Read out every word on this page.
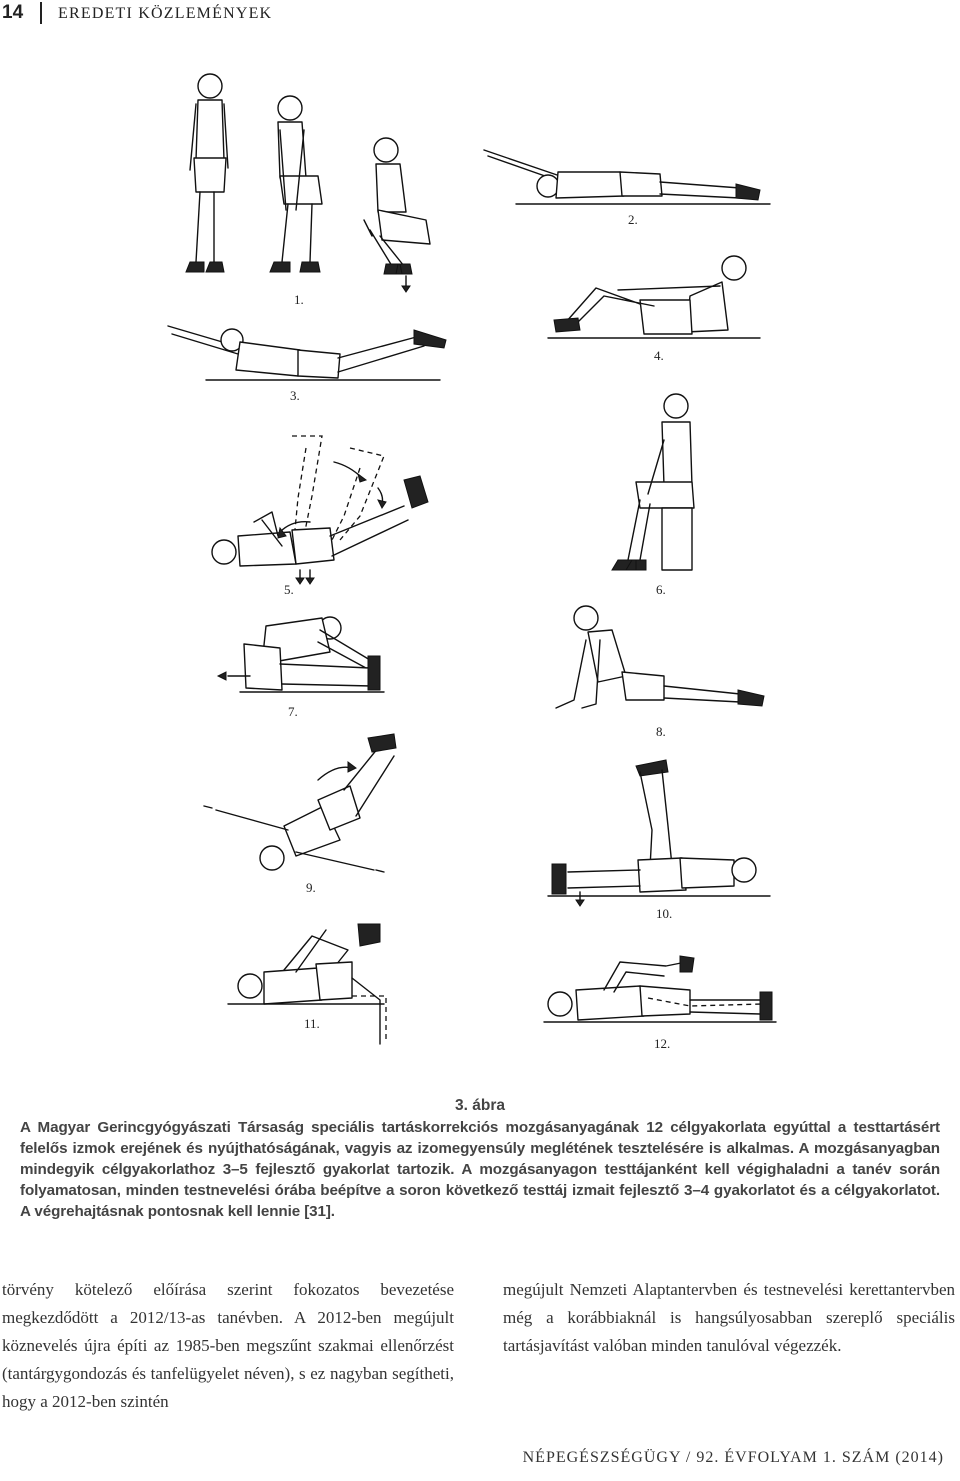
14 EREDETI KÖZLEMÉNYEK
1.
2.
3.
4.
5.	6.
7.
8.
9.
10.
11.
12.
3. ábra
A Magyar Gerincgyógyászati Társaság speciális tartáskorrekciós mozgásanyagának 12 célgyakorlata egyúttal a testtartásért felelős izmok erejének és nyújthatóságának, vagyis az izomegyensúly meglétének tesztelésére is alkalmas. A mozgásanyagban mindegyik célgyakorlathoz 3–5 fejlesztő gyakorlat tartozik. A mozgásanyagon testtájanként kell végighaladni a tanév során folyamatosan, minden testnevelési órába beépítve a soron következő testtáj izmait fejlesztő 3–4 gyakorlatot és a célgyakorlatot. A végrehajtásnak pontosnak kell lennie [31].
törvény kötelező előírása szerint fokozatos bevezetése megkezdődött a 2012/13-as tanévben. A 2012-ben megújult köznevelés újra építi az 1985-ben megszűnt szakmai ellenőrzést (tantárgygondozás és tanfelügyelet néven), s ez nagyban segítheti, hogy a 2012-ben szintén
megújult Nemzeti Alaptantervben és testnevelési kerettantervben még a korábbiaknál is hangsúlyosabban szereplő speciális tartásjavítást valóban minden tanulóval végezzék.
NÉPEGÉSZSÉGÜGY / 92. ÉVFOLYAM 1. SZÁM (2014)
